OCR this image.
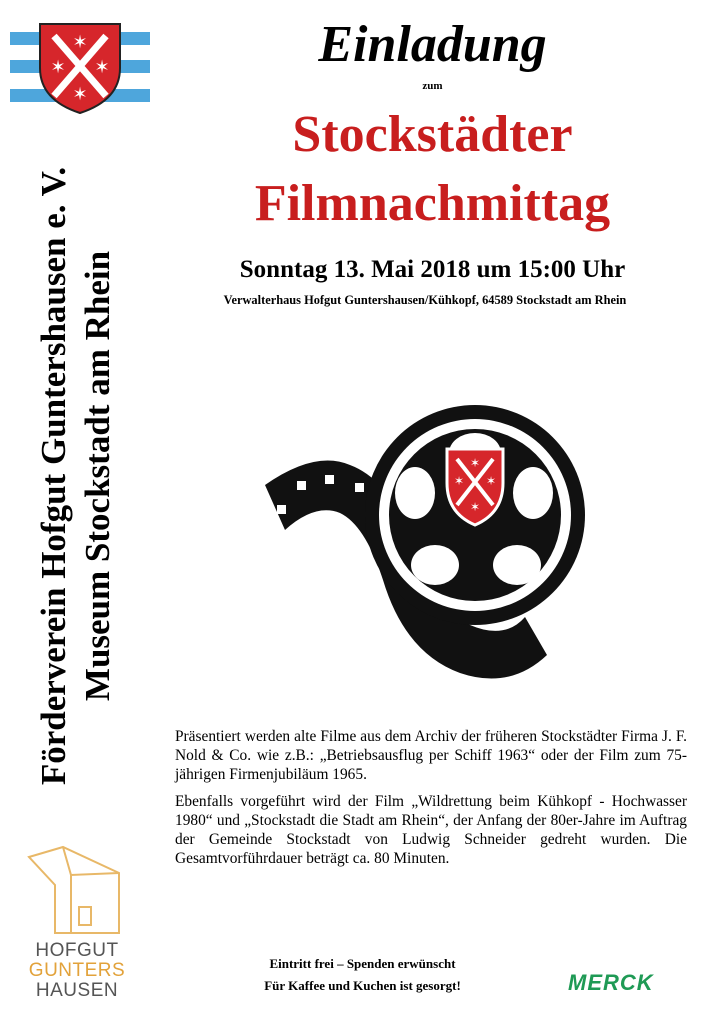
✶
✶ ✶
✶
Förderverein Hofgut Guntershausen e. V. Museum Stockstadt am Rhein
HOFGUT
GUNTERS
HAUSEN
Einladung
zum
Stockstädter
Filmnachmittag
Sonntag 13. Mai 2018 um 15:00 Uhr
Verwalterhaus Hofgut Guntershausen/Kühkopf, 64589 Stockstadt am Rhein
✶
✶ ✶
✶

Präsentiert werden alte Filme aus dem Archiv der früheren Stockstädter Firma J. F. Nold & Co. wie z.B.: „Betriebsausflug per Schiff 1963“ oder der Film zum 75-jährigen Firmenjubiläum 1965.

Ebenfalls vorgeführt wird der Film „Wildrettung beim Kühkopf - Hochwasser 1980“ und „Stockstadt die Stadt am Rhein“, der Anfang der 80er-Jahre im Auftrag der Gemeinde Stockstadt von Ludwig Schneider gedreht wurden. Die Gesamtvorführdauer beträgt ca. 80 Minuten.

Eintritt frei – Spenden erwünscht
Für Kaffee und Kuchen ist gesorgt!	MERCK
